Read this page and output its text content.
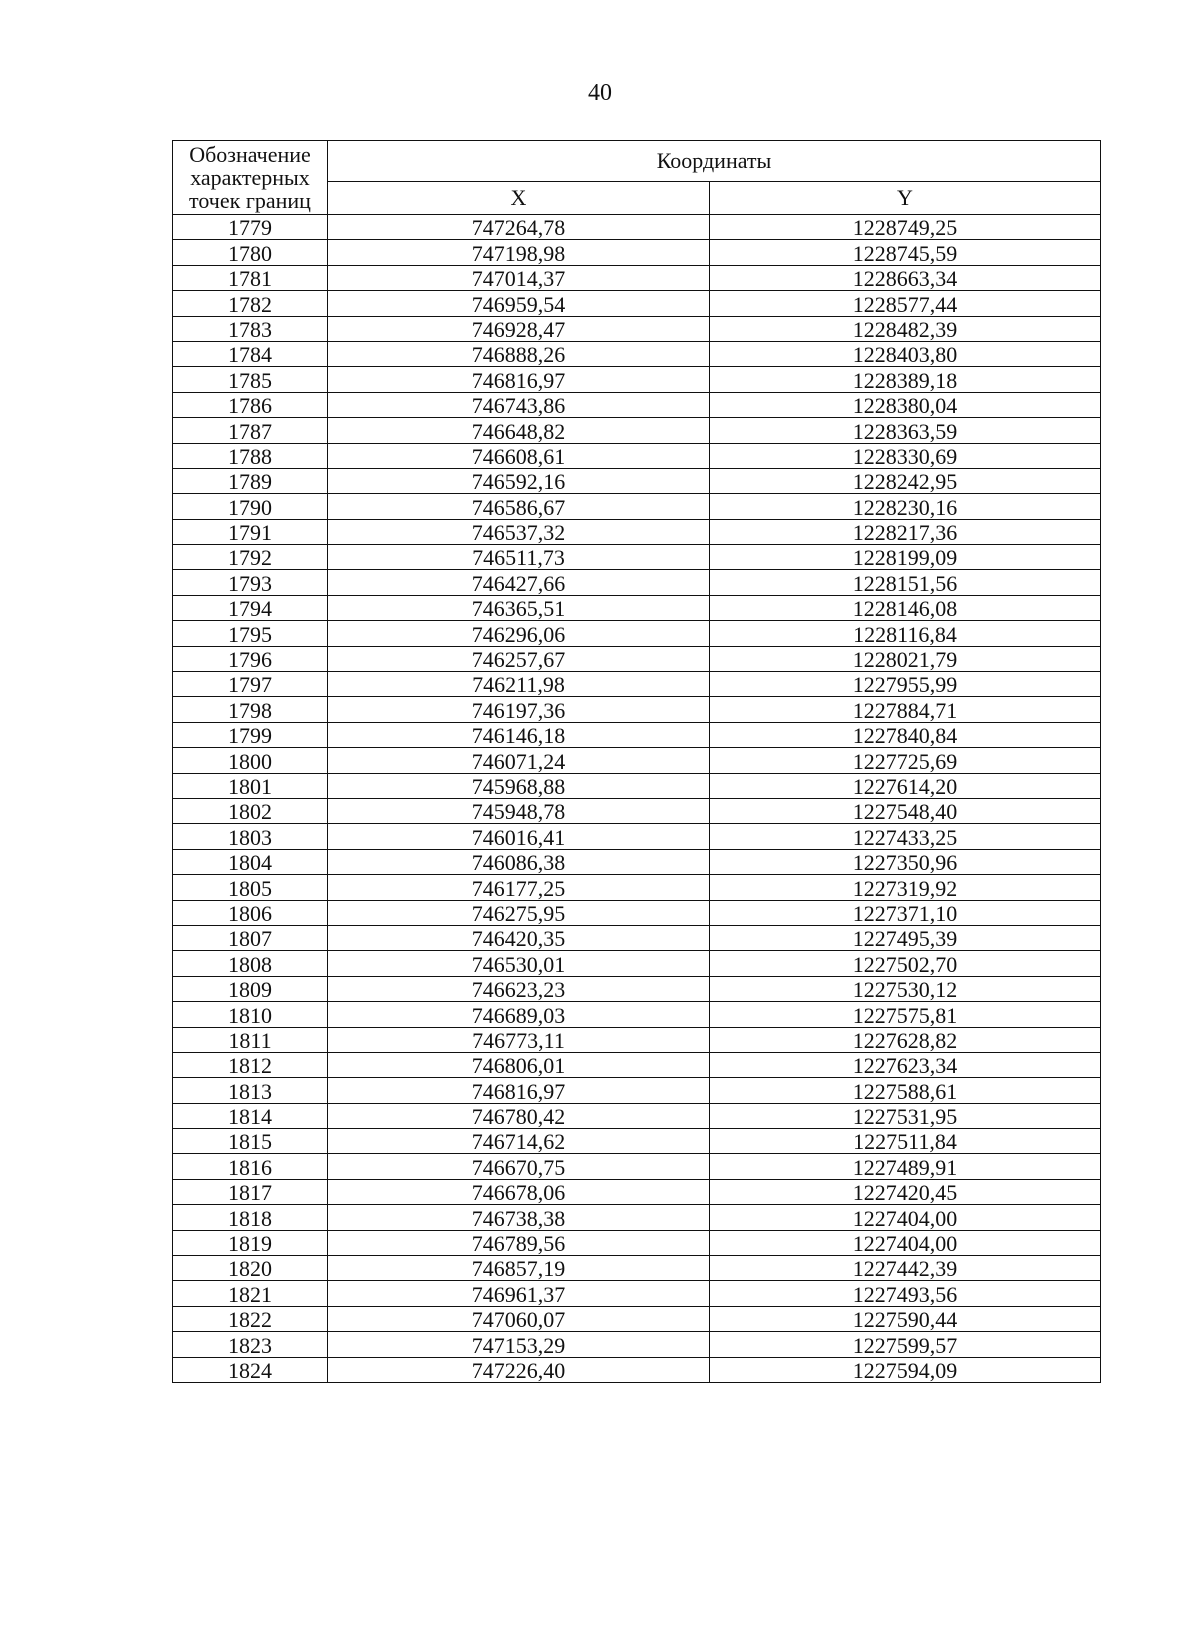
40
Обозначение характерных точек границ	Координаты	
	X	Y
1779	747264,78	1228749,25
1780	747198,98	1228745,59
1781	747014,37	1228663,34
1782	746959,54	1228577,44
1783	746928,47	1228482,39
1784	746888,26	1228403,80
1785	746816,97	1228389,18
1786	746743,86	1228380,04
1787	746648,82	1228363,59
1788	746608,61	1228330,69
1789	746592,16	1228242,95
1790	746586,67	1228230,16
1791	746537,32	1228217,36
1792	746511,73	1228199,09
1793	746427,66	1228151,56
1794	746365,51	1228146,08
1795	746296,06	1228116,84
1796	746257,67	1228021,79
1797	746211,98	1227955,99
1798	746197,36	1227884,71
1799	746146,18	1227840,84
1800	746071,24	1227725,69
1801	745968,88	1227614,20
1802	745948,78	1227548,40
1803	746016,41	1227433,25
1804	746086,38	1227350,96
1805	746177,25	1227319,92
1806	746275,95	1227371,10
1807	746420,35	1227495,39
1808	746530,01	1227502,70
1809	746623,23	1227530,12
1810	746689,03	1227575,81
1811	746773,11	1227628,82
1812	746806,01	1227623,34
1813	746816,97	1227588,61
1814	746780,42	1227531,95
1815	746714,62	1227511,84
1816	746670,75	1227489,91
1817	746678,06	1227420,45
1818	746738,38	1227404,00
1819	746789,56	1227404,00
1820	746857,19	1227442,39
1821	746961,37	1227493,56
1822	747060,07	1227590,44
1823	747153,29	1227599,57
1824	747226,40	1227594,09
